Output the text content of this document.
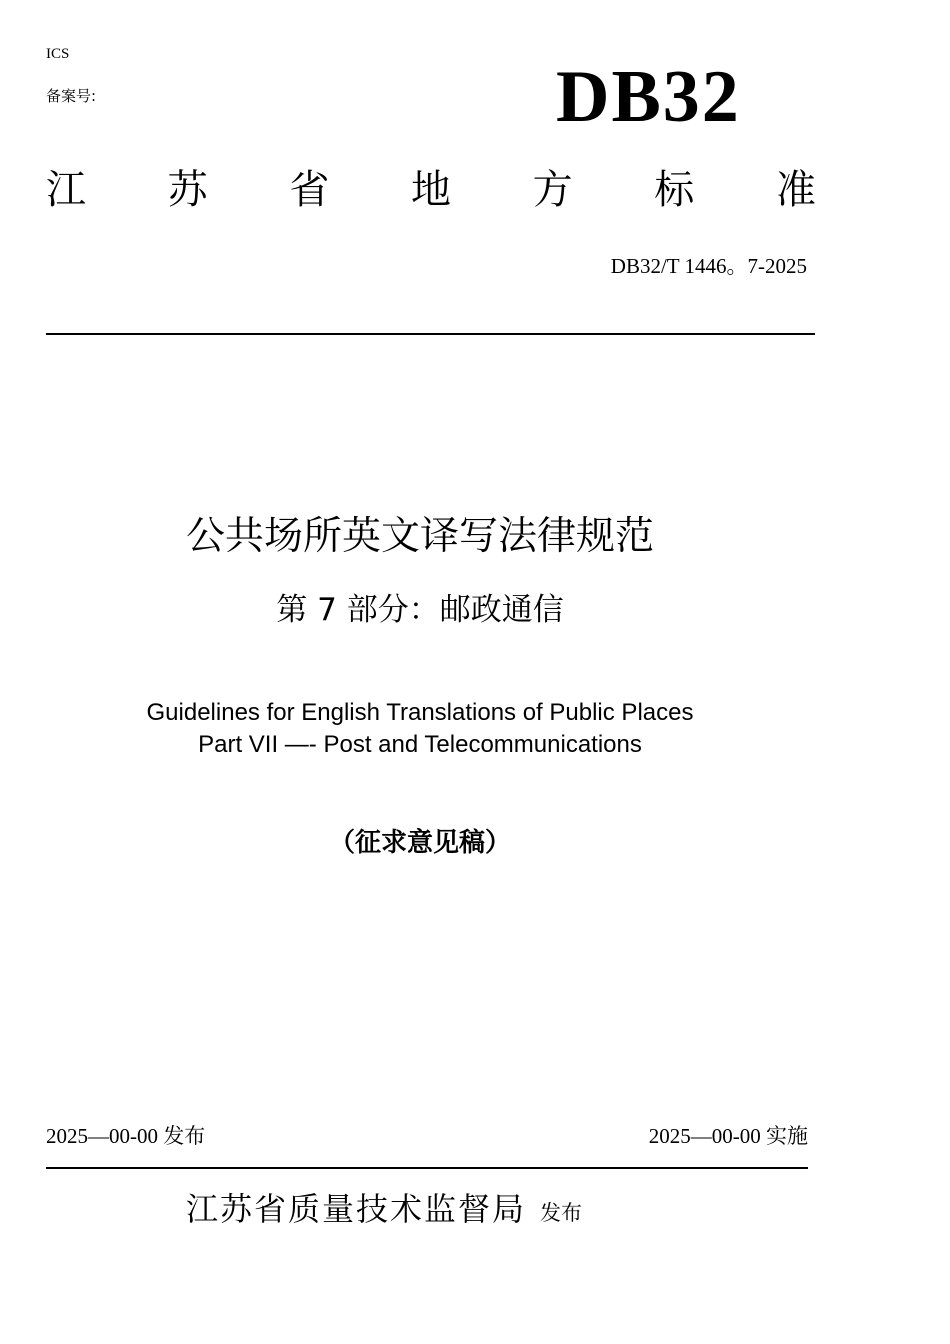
ICS
备案号:	DB32
江 苏 省 地 方 标 准
DB32/T 1446。7-2025
公共场所英文译写法律规范
第 7 部分：邮政通信
Guidelines for English Translations of Public Places
Part VII —- Post and Telecommunications
（征求意见稿）
2025—00-00 发布	2025—00-00 实施
江苏省质量技术监督局 发布
